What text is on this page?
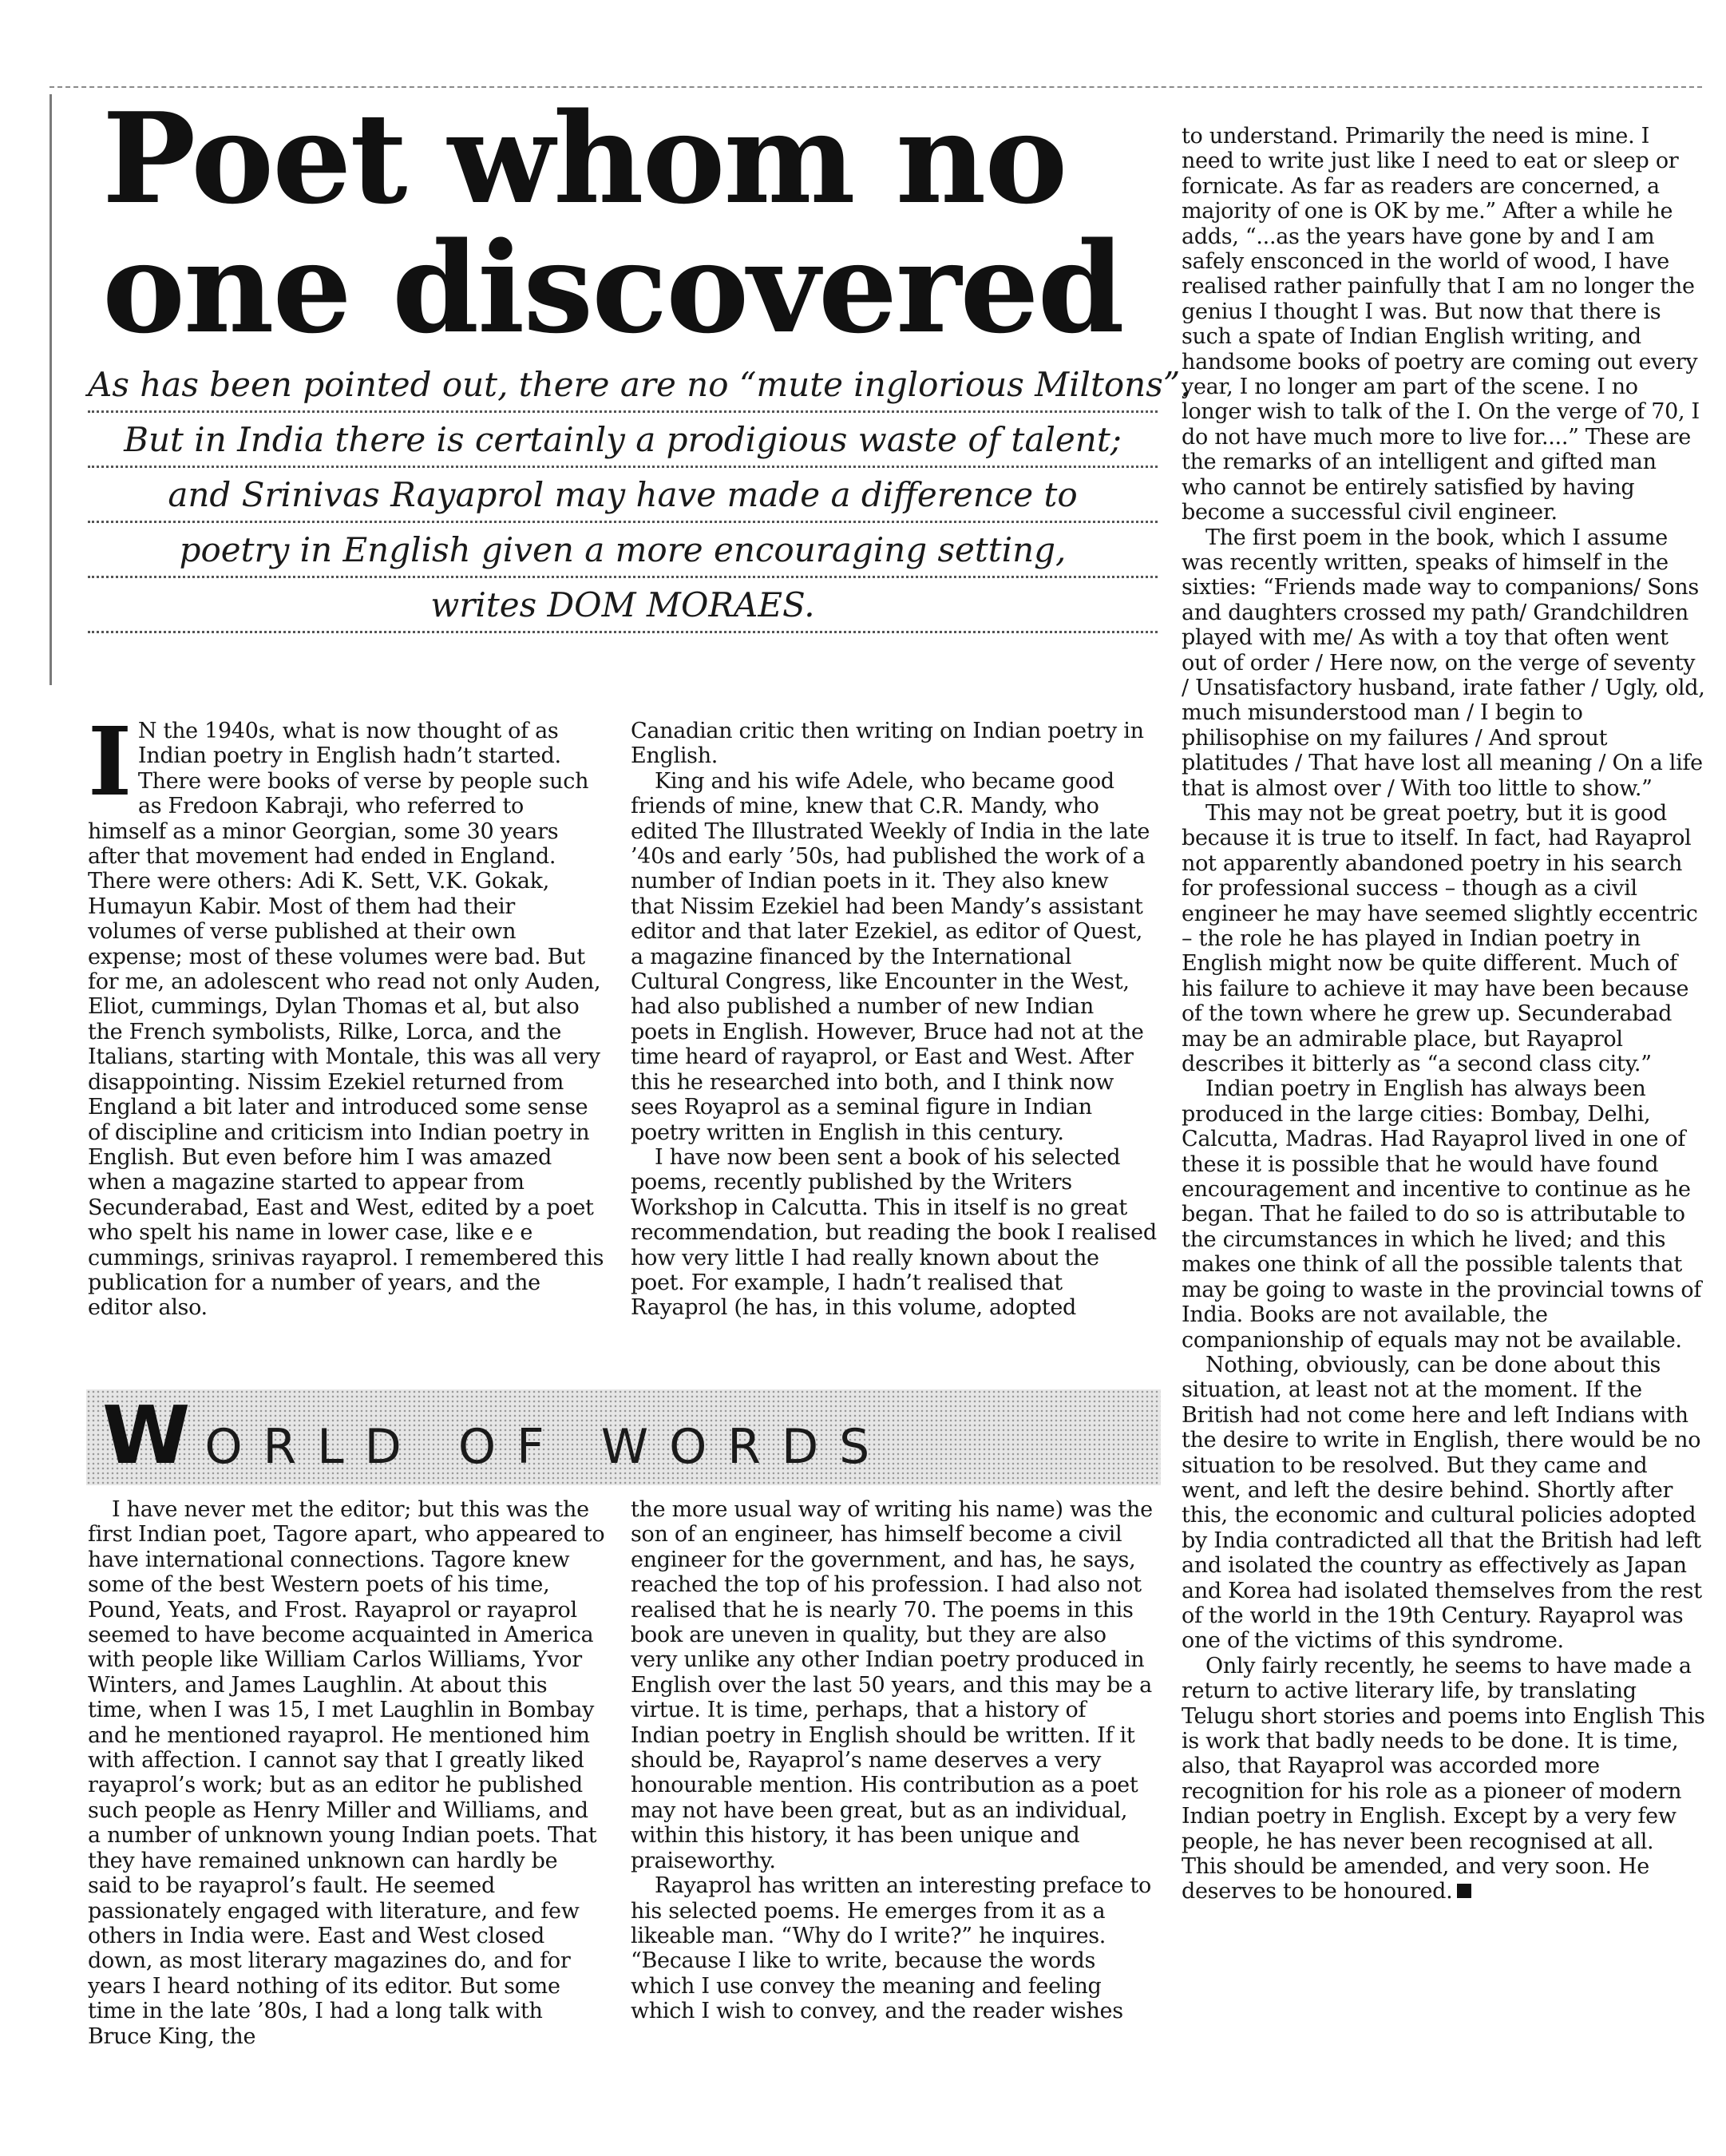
Poet whom no
one discovered
As has been pointed out, there are no “mute inglorious Miltons”.
But in India there is certainly a prodigious waste of talent;
and Srinivas Rayaprol may have made a difference to
poetry in English given a more encouraging setting,
writes DOM MORAES.
I N the 1940s, what is now thought of as Indian poetry in English hadn’t started. There were books of verse by people such as Fredoon Kabraji, who referred to himself as a minor Georgian, some 30 years after that movement had ended in England. There were others: Adi K. Sett, V.K. Gokak, Humayun Kabir. Most of them had their volumes of verse published at their own expense; most of these volumes were bad. But for me, an adolescent who read not only Auden, Eliot, cummings, Dylan Thomas et al, but also the French symbolists, Rilke, Lorca, and the Italians, starting with Montale, this was all very disappointing. Nissim Ezekiel returned from England a bit later and introduced some sense of discipline and criticism into Indian poetry in English. But even before him I was amazed when a magazine started to appear from Secunderabad, East and West, edited by a poet who spelt his name in lower case, like e e cummings, srinivas rayaprol. I remembered this publication for a number of years, and the editor also.

Canadian critic then writing on Indian poetry in English.

King and his wife Adele, who became good friends of mine, knew that C.R. Mandy, who edited The Illustrated Weekly of India in the late ’40s and early ’50s, had published the work of a number of Indian poets in it. They also knew that Nissim Ezekiel had been Mandy’s assistant editor and that later Ezekiel, as editor of Quest, a magazine financed by the International Cultural Congress, like Encounter in the West, had also published a number of new Indian poets in English. However, Bruce had not at the time heard of rayaprol, or East and West. After this he researched into both, and I think now sees Royaprol as a seminal figure in Indian poetry written in English in this century.

I have now been sent a book of his selected poems, recently published by the Writers Workshop in Calcutta. This in itself is no great recommendation, but reading the book I realised how very little I had really known about the poet. For example, I hadn’t realised that Rayaprol (he has, in this volume, adopted

WORLD OF WORDS

I have never met the editor; but this was the first Indian poet, Tagore apart, who appeared to have international connections. Tagore knew some of the best Western poets of his time, Pound, Yeats, and Frost. Rayaprol or rayaprol seemed to have become acquainted in America with people like William Carlos Williams, Yvor Winters, and James Laughlin. At about this time, when I was 15, I met Laughlin in Bombay and he mentioned rayaprol. He mentioned him with affection. I cannot say that I greatly liked rayaprol’s work; but as an editor he published such people as Henry Miller and Williams, and a number of unknown young Indian poets. That they have remained unknown can hardly be said to be rayaprol’s fault. He seemed passionately engaged with literature, and few others in India were. East and West closed down, as most literary magazines do, and for years I heard nothing of its editor. But some time in the late ’80s, I had a long talk with Bruce King, the

the more usual way of writing his name) was the son of an engineer, has himself become a civil engineer for the government, and has, he says, reached the top of his profession. I had also not realised that he is nearly 70. The poems in this book are uneven in quality, but they are also very unlike any other Indian poetry produced in English over the last 50 years, and this may be a virtue. It is time, perhaps, that a history of Indian poetry in English should be written. If it should be, Rayaprol’s name deserves a very honourable mention. His contribution as a poet may not have been great, but as an individual, within this history, it has been unique and praiseworthy.

Rayaprol has written an interesting preface to his selected poems. He emerges from it as a likeable man. “Why do I write?” he inquires. “Because I like to write, because the words which I use convey the meaning and feeling which I wish to convey, and the reader wishes

to understand. Primarily the need is mine. I need to write just like I need to eat or sleep or fornicate. As far as readers are concerned, a majority of one is OK by me.” After a while he adds, “...as the years have gone by and I am safely ensconced in the world of wood, I have realised rather painfully that I am no longer the genius I thought I was. But now that there is such a spate of Indian English writing, and handsome books of poetry are coming out every year, I no longer am part of the scene. I no longer wish to talk of the I. On the verge of 70, I do not have much more to live for....” These are the remarks of an intelligent and gifted man who cannot be entirely satisfied by having become a successful civil engineer.

The first poem in the book, which I assume was recently written, speaks of himself in the sixties: “Friends made way to companions/ Sons and daughters crossed my path/ Grandchildren played with me/ As with a toy that often went out of order / Here now, on the verge of seventy / Unsatisfactory husband, irate father / Ugly, old, much misunderstood man / I begin to philisophise on my failures / And sprout platitudes / That have lost all meaning / On a life that is almost over / With too little to show.”

This may not be great poetry, but it is good because it is true to itself. In fact, had Rayaprol not apparently abandoned poetry in his search for professional success – though as a civil engineer he may have seemed slightly eccentric – the role he has played in Indian poetry in English might now be quite different. Much of his failure to achieve it may have been because of the town where he grew up. Secunderabad may be an admirable place, but Rayaprol describes it bitterly as “a second class city.”

Indian poetry in English has always been produced in the large cities: Bombay, Delhi, Calcutta, Madras. Had Rayaprol lived in one of these it is possible that he would have found encouragement and incentive to continue as he began. That he failed to do so is attributable to the circumstances in which he lived; and this makes one think of all the possible talents that may be going to waste in the provincial towns of India. Books are not available, the companionship of equals may not be available.

Nothing, obviously, can be done about this situation, at least not at the moment. If the British had not come here and left Indians with the desire to write in English, there would be no situation to be resolved. But they came and went, and left the desire behind. Shortly after this, the economic and cultural policies adopted by India contradicted all that the British had left and isolated the country as effectively as Japan and Korea had isolated themselves from the rest of the world in the 19th Century. Rayaprol was one of the victims of this syndrome.

Only fairly recently, he seems to have made a return to active literary life, by translating Telugu short stories and poems into English This is work that badly needs to be done. It is time, also, that Rayaprol was accorded more recognition for his role as a pioneer of modern Indian poetry in English. Except by a very few people, he has never been recognised at all. This should be amended, and very soon. He deserves to be honoured.
